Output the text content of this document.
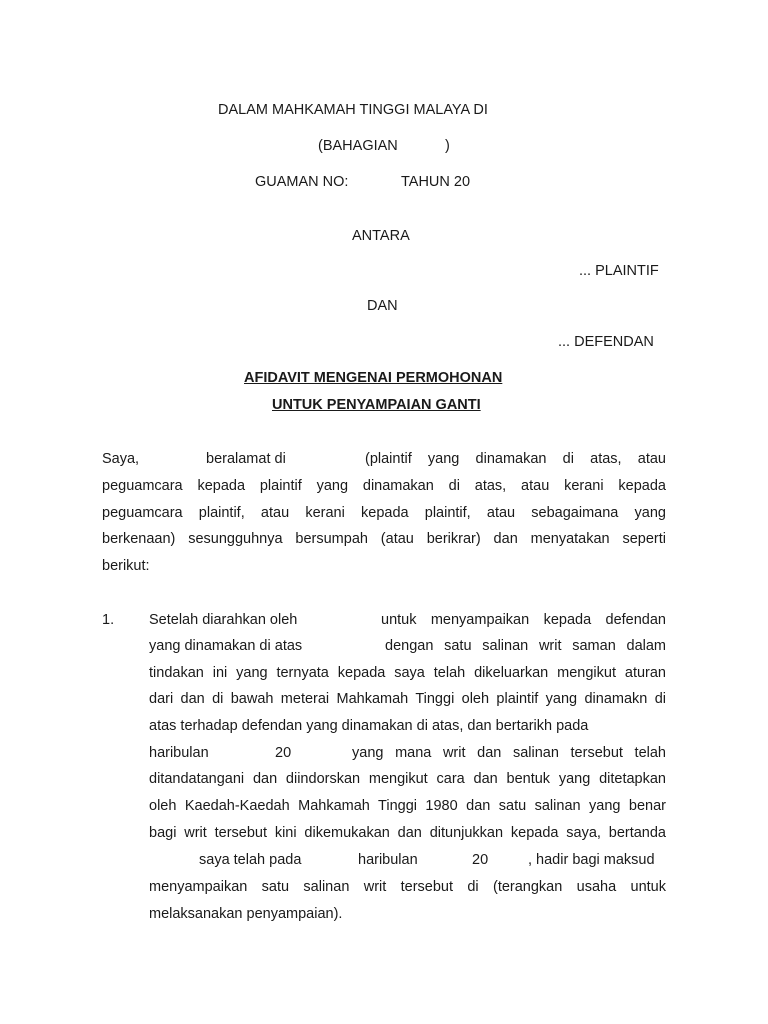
DALAM MAHKAMAH TINGGI MALAYA DI
(BAHAGIAN	)
GUAMAN NO:	TAHUN 20
ANTARA
... PLAINTIF
DAN
... DEFENDAN
AFIDAVIT MENGENAI PERMOHONAN
UNTUK PENYAMPAIAN GANTI
Saya,	beralamat di	(plaintif yang dinamakan di atas, atau
peguamcara kepada plaintif yang dinamakan di atas, atau kerani kepada
peguamcara plaintif, atau kerani kepada plaintif, atau sebagaimana yang
berkenaan) sesungguhnya bersumpah (atau berikrar) dan menyatakan seperti
berikut:
1. Setelah diarahkan oleh	untuk menyampaikan kepada defendan
yang dinamakan di atas	dengan satu salinan writ saman dalam
tindakan ini yang ternyata kepada saya telah dikeluarkan mengikut aturan
dari dan di bawah meterai Mahkamah Tinggi oleh plaintif yang dinamakn di
atas terhadap defendan yang dinamakan di atas, dan bertarikh pada
haribulan	20	yang mana writ dan salinan tersebut telah
ditandatangani dan diindorskan mengikut cara dan bentuk yang ditetapkan
oleh Kaedah-Kaedah Mahkamah Tinggi 1980 dan satu salinan yang benar
bagi writ tersebut kini dikemukakan dan ditunjukkan kepada saya, bertanda
saya telah pada	haribulan	20	, hadir bagi maksud
menyampaikan satu salinan writ tersebut di (terangkan usaha untuk
melaksanakan penyampaian).
